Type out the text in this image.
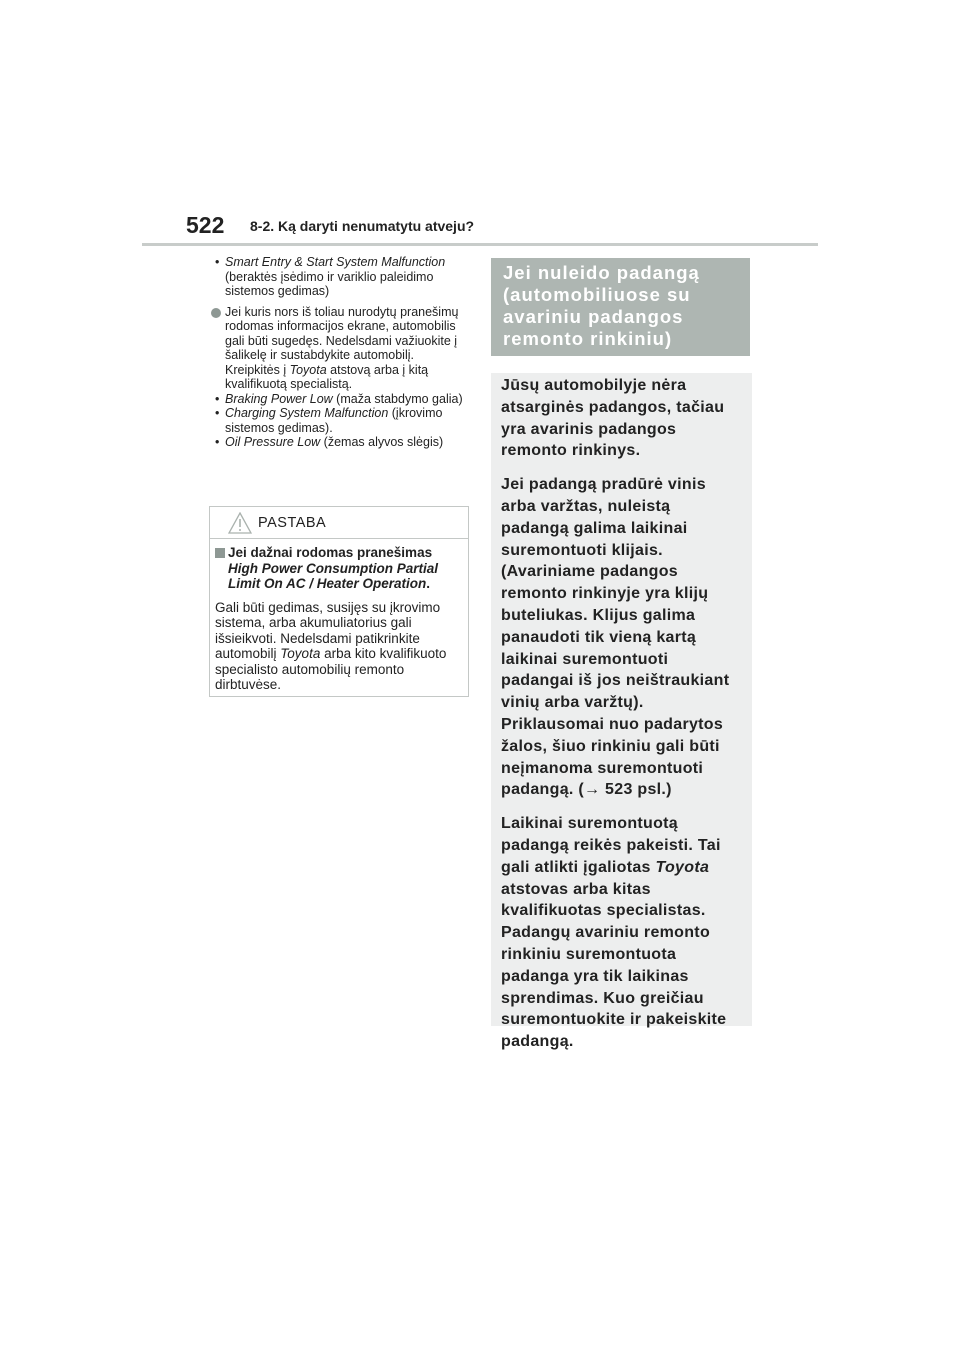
522 8-2. Ką daryti nenumatytu atveju?
• Smart Entry & Start System Malfunction
(beraktės įsėdimo ir variklio paleidimo sistemos gedimas)
Jei kuris nors iš toliau nurodytų pranešimų rodomas informacijos ekrane, automobilis gali būti sugedęs. Nedelsdami važiuokite į šalikelę ir sustabdykite automobilį. Kreipkitės į Toyota atstovą arba į kitą kvalifikuotą specialistą.
• Braking Power Low (maža stabdymo galia)
• Charging System Malfunction (įkrovimo sistemos gedimas).
• Oil Pressure Low (žemas alyvos slėgis)
PASTABA
Jei dažnai rodomas pranešimas High Power Consumption Partial Limit On AC / Heater Operation.
Gali būti gedimas, susijęs su įkrovimo sistema, arba akumuliatorius gali išsieikvoti. Nedelsdami patikrinkite automobilį Toyota arba kito kvalifikuoto specialisto automobilių remonto dirbtuvėse.
Jei nuleido padangą (automobiliuose su avariniu padangos remonto rinkiniu)

Jūsų automobilyje nėra atsarginės padangos, tačiau yra avarinis padangos remonto rinkinys.

Jei padangą pradūrė vinis arba varžtas, nuleistą padangą galima laikinai suremontuoti klijais. (Avariniame padangos remonto rinkinyje yra klijų buteliukas. Klijus galima panaudoti tik vieną kartą laikinai suremontuoti padangai iš jos neištraukiant vinių arba varžtų). Priklausomai nuo padarytos žalos, šiuo rinkiniu gali būti neįmanoma suremontuoti padangą. (→ 523 psl.)

Laikinai suremontuotą padangą reikės pakeisti. Tai gali atlikti įgaliotas Toyota atstovas arba kitas kvalifikuotas specialistas. Padangų avariniu remonto rinkiniu suremontuota padanga yra tik laikinas sprendimas. Kuo greičiau suremontuokite ir pakeiskite padangą.
